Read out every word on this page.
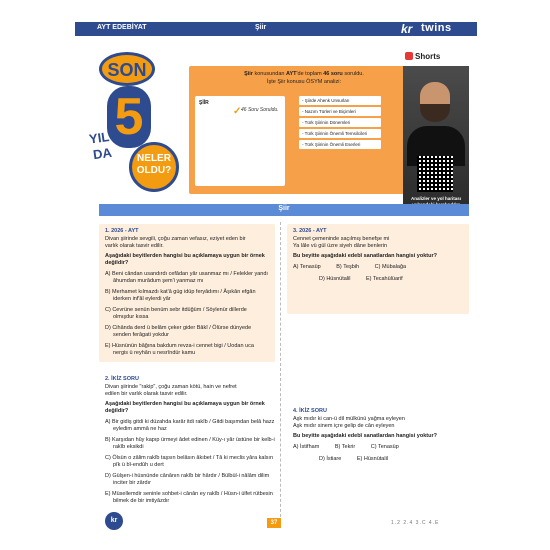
AYT EDEBİYAT	Şiir	kr twins
Şiir konusundan AYT'de toplam 46 soru soruldu.
İşte Şiir konusu ÖSYM analizi:
ŞİİR
✓ 46 Soru Soruldu.
- Şiirde Ahenk Unsurları
- Nazım Türleri ve Biçimleri
- Türk Şiirinin Dönemleri
- Türk Şiirinin Önemli Temsilcileri
- Türk Şiirinin Önemli Eserleri
SON
5
YIL-
DA	NELER OLDU?
Shorts
Analizler ve yol haritası
Şiir
1. 2026 - AYT
Divan şiirinde sevgili, çoğu zaman vefasız, eziyet eden bir
varlık olarak tasvir edilir.
Aşağıdaki beyitlerden hangisi bu açıklamaya uygun bir örnek değildir?
A) Beni cândan usandırdı cefâdan yâr usanmaz mı / Felekler yandı âhumdan murâdum şem'i yanmaz mı
B) Merhamet kılmazdı kat'â güg idüp feryâdımı / Âşıkân efgân iderken inf'âl eylerdi yâr
C) Cevrüne senün benüm sebr itdüğüm / Söylenür dillerde olmışdur kıssa
D) Cihânda derd ü belâm çeker gider Bâkî / Ölürse dünyede senden ferâgati yokdur
E) Hüsnünün bâğına bakdum revza-i cennet bigi / Uodan uca nergis ü reyhân u nesrîndür kamu
2. İKİZ SORU
Divan şiirinde "rakip", çoğu zaman kötü, hain ve nefret
edilen bir varlık olarak tasvir edilir.
Aşağıdaki beyitlerden hangisi bu açıklamaya uygun bir örnek değildir?
A) Bir gidiş gitdi ki düzahda karâr itdi rakîb / Gitdi başımdan belâ hazz eyledim ammâ ne haz
B) Karşıdan hûy kapıp ürmeyi âdet edinen / Küy-ı yâr üstüne bir kelb-i rakîb eksikdi
C) Ölsün o zâlim rakîb taşsın belâsın âkıbet / Tâ ki meclis yâra kalsın pîk ü bî-endûh u dert
D) Gülşen-i hüsnünde cânânın rakîb bir hârdır / Bülbül-i nâlâm dilim inciter bir zârdır
E) Müsellemdir seninle sohbet-i cânân ey rakîb / Hüsn-i ülfet rütbesin bilmek de bir imtiyâzdır
3. 2026 - AYT
Cennet çemeninde saçılmış benefşe mi
Ya lâle vü gül üzre siyeh dâne benlerin
Bu beyitte aşağıdaki edebî sanatlardan hangisi yoktur?
A) Tenasüp	B) Teşbih	C) Mübalağa
D) Hüsnütalil	E) Tecahülüarif
4. İKİZ SORU
Aşk mıdır ki can-ü dil mülkünü yağma eyleyen
Aşk mıdır sinem içre gelip de cân eyleyen
Bu beyitte aşağıdaki edebî sanatlardan hangisi yoktur?
A) İstifham	B) Tekrir	C) Tenasüp
D) İstiare	E) Hüsnütalil
kr	37	1.2 2.4 3.C 4.E
